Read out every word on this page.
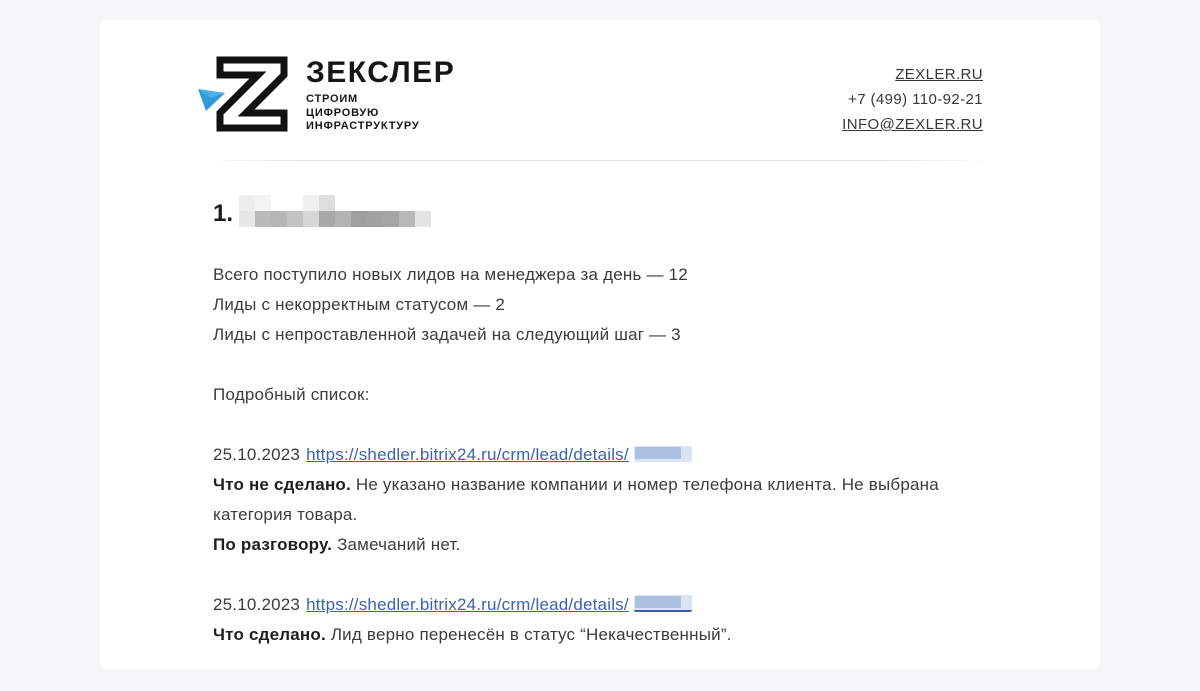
ЗЕКСЛЕР
СТРОИМ
ЦИФРОВУЮ
ИНФРАСТРУКТУРУ
ZEXLER.RU
+7 (499) 110-92-21
INFO@ZEXLER.RU
1.

Всего поступило новых лидов на менеджера за день — 12

Лиды с некорректным статусом — 2

Лиды с непроставленной задачей на следующий шаг — 3

Подробный список:

25.10.2023 https://shedler.bitrix24.ru/crm/lead/details/

Что не сделано. Не указано название компании и номер телефона клиента. Не выбрана категория товара.

По разговору. Замечаний нет.

25.10.2023 https://shedler.bitrix24.ru/crm/lead/details/

Что сделано. Лид верно перенесён в статус “Некачественный”.
